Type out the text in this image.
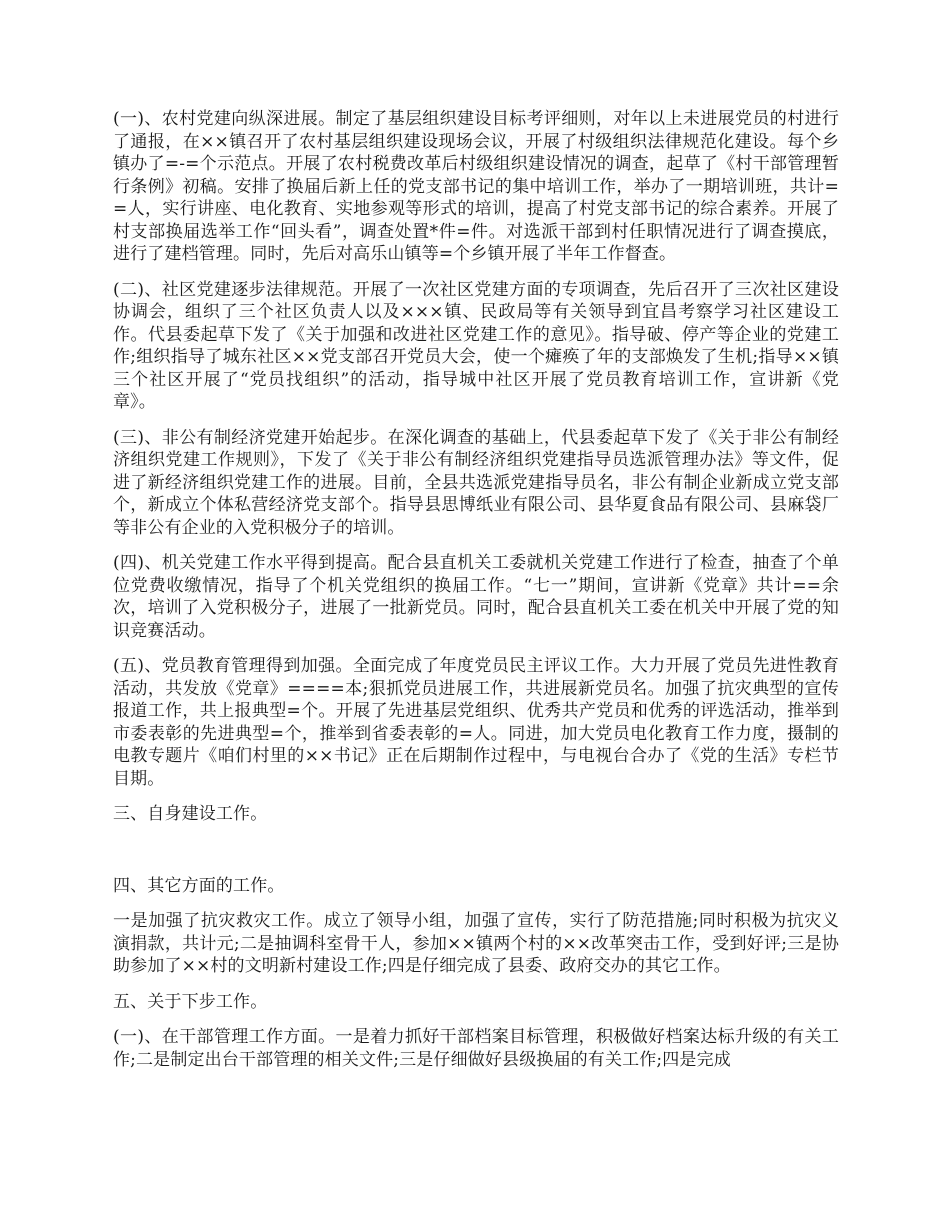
(一)、农村党建向纵深进展。制定了基层组织建设目标考评细则，对年以上未进展党员的村进行了通报，在××镇召开了农村基层组织建设现场会议，开展了村级组织法律规范化建设。每个乡镇办了=-=个示范点。开展了农村税费改革后村级组织建设情况的调查，起草了《村干部管理暂行条例》初稿。安排了换届后新上任的党支部书记的集中培训工作，举办了一期培训班，共计==人，实行讲座、电化教育、实地参观等形式的培训，提高了村党支部书记的综合素养。开展了村支部换届选举工作“回头看”，调查处置*件=件。对选派干部到村任职情况进行了调查摸底，进行了建档管理。同时，先后对高乐山镇等=个乡镇开展了半年工作督查。

(二)、社区党建逐步法律规范。开展了一次社区党建方面的专项调查，先后召开了三次社区建设协调会，组织了三个社区负责人以及×××镇、民政局等有关领导到宜昌考察学习社区建设工作。代县委起草下发了《关于加强和改进社区党建工作的意见》。指导破、停产等企业的党建工作;组织指导了城东社区××党支部召开党员大会，使一个瘫痪了年的支部焕发了生机;指导××镇三个社区开展了“党员找组织”的活动，指导城中社区开展了党员教育培训工作，宣讲新《党章》。

(三)、非公有制经济党建开始起步。在深化调查的基础上，代县委起草下发了《关于非公有制经济组织党建工作规则》，下发了《关于非公有制经济组织党建指导员选派管理办法》等文件，促进了新经济组织党建工作的进展。目前，全县共选派党建指导员名，非公有制企业新成立党支部个，新成立个体私营经济党支部个。指导县思博纸业有限公司、县华夏食品有限公司、县麻袋厂等非公有企业的入党积极分子的培训。

(四)、机关党建工作水平得到提高。配合县直机关工委就机关党建工作进行了检查，抽查了个单位党费收缴情况，指导了个机关党组织的换届工作。“七一”期间，宣讲新《党章》共计==余次，培训了入党积极分子，进展了一批新党员。同时，配合县直机关工委在机关中开展了党的知识竞赛活动。

(五)、党员教育管理得到加强。全面完成了年度党员民主评议工作。大力开展了党员先进性教育活动，共发放《党章》====本;狠抓党员进展工作，共进展新党员名。加强了抗灾典型的宣传报道工作，共上报典型=个。开展了先进基层党组织、优秀共产党员和优秀的评选活动，推举到市委表彰的先进典型=个，推举到省委表彰的=人。同进，加大党员电化教育工作力度，摄制的电教专题片《咱们村里的××书记》正在后期制作过程中，与电视台合办了《党的生活》专栏节目期。

三、自身建设工作。

四、其它方面的工作。

一是加强了抗灾救灾工作。成立了领导小组，加强了宣传，实行了防范措施;同时积极为抗灾义演捐款，共计元;二是抽调科室骨干人，参加××镇两个村的××改革突击工作，受到好评;三是协助参加了××村的文明新村建设工作;四是仔细完成了县委、政府交办的其它工作。

五、关于下步工作。

(一)、在干部管理工作方面。一是着力抓好干部档案目标管理，积极做好档案达标升级的有关工作;二是制定出台干部管理的相关文件;三是仔细做好县级换届的有关工作;四是完成
